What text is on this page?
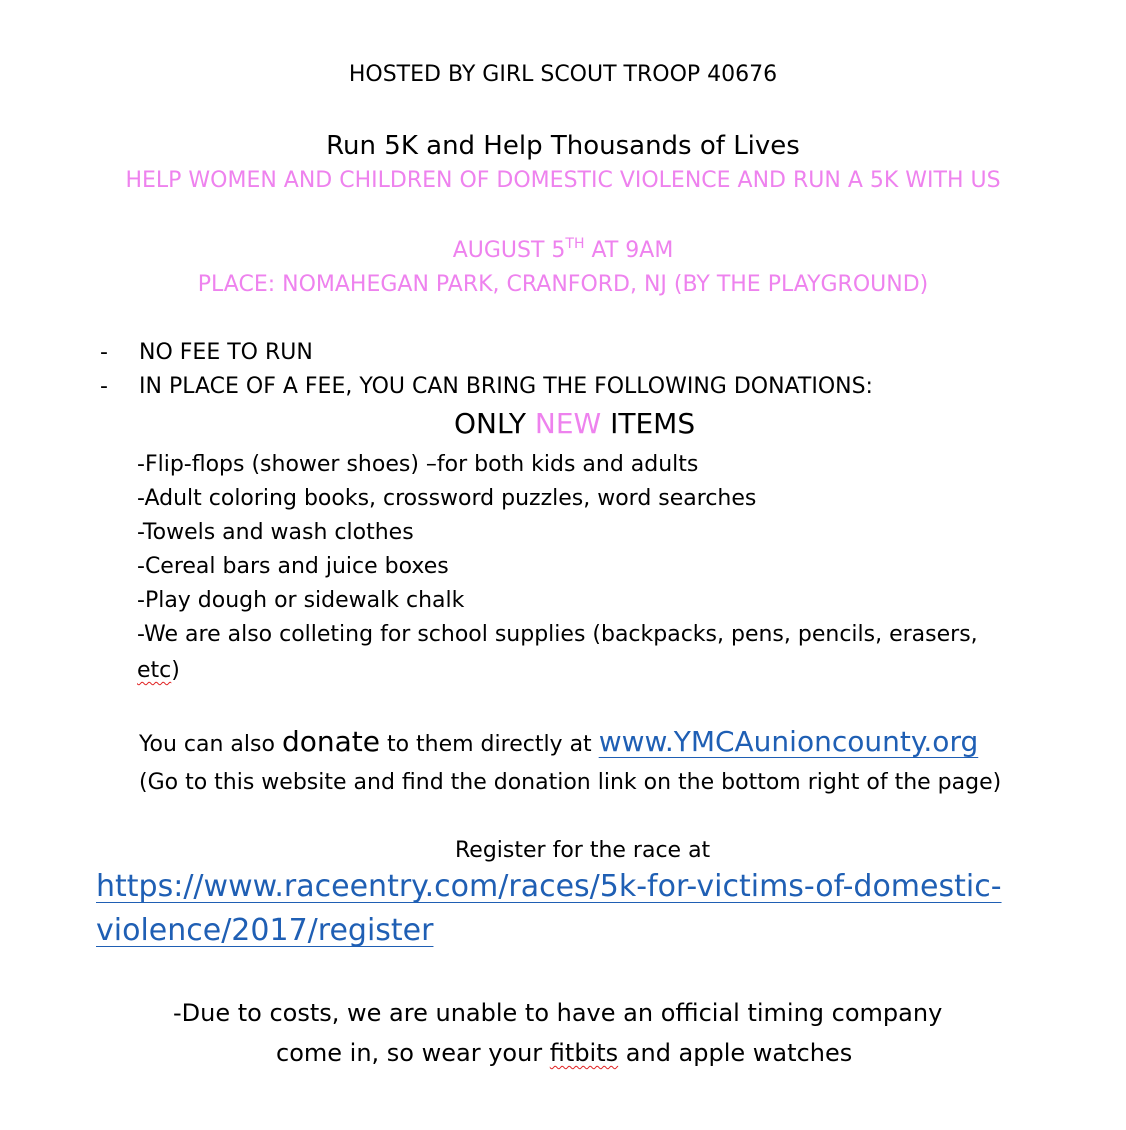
HOSTED BY GIRL SCOUT TROOP 40676
Run 5K and Help Thousands of Lives
HELP WOMEN AND CHILDREN OF DOMESTIC VIOLENCE AND RUN A 5K WITH US
AUGUST 5TH AT 9AM
PLACE: NOMAHEGAN PARK, CRANFORD, NJ (BY THE PLAYGROUND)
- NO FEE TO RUN
- IN PLACE OF A FEE, YOU CAN BRING THE FOLLOWING DONATIONS:
ONLY NEW ITEMS
-Flip-flops (shower shoes) –for both kids and adults
-Adult coloring books, crossword puzzles, word searches
-Towels and wash clothes
-Cereal bars and juice boxes
-Play dough or sidewalk chalk
-We are also colleting for school supplies (backpacks, pens, pencils, erasers,
etc)
You can also donate to them directly at www.YMCAunioncounty.org
(Go to this website and find the donation link on the bottom right of the page)
Register for the race at
https://www.raceentry.com/races/5k-for-victims-of-domestic-
violence/2017/register
-Due to costs, we are unable to have an official timing company
come in, so wear your fitbits and apple watches
